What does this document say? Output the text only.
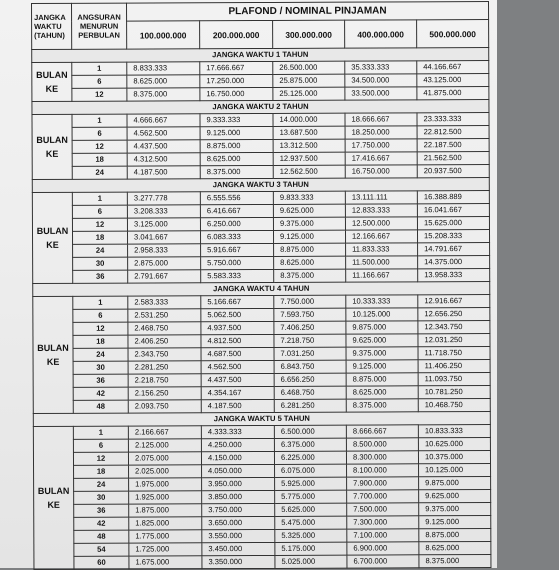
JANGKA
WAKTU
(TAHUN)	ANGSURAN
MENURUN
PERBULAN	PLAFOND / NOMINAL PINJAMAN				
		100.000.000	200.000.000	300.000.000	400.000.000	500.000.000
JANGKA WAKTU 1 TAHUN						

BULAN
KE	1	8.833.333	17.666.667	26.500.000	35.333.333	44.166.667
	6	8.625.000	17.250.000	25.875.000	34.500.000	43.125.000
	12	8.375.000	16.750.000	25.125.000	33.500.000	41.875.000
JANGKA WAKTU 2 TAHUN						

BULAN
KE	1	4.666.667	9.333.333	14.000.000	18.666.667	23.333.333
	6	4.562.500	9.125.000	13.687.500	18.250.000	22.812.500
	12	4.437.500	8.875.000	13.312.500	17.750.000	22.187.500
	18	4.312.500	8.625.000	12.937.500	17.416.667	21.562.500
	24	4.187.500	8.375.000	12.562.500	16.750.000	20.937.500
JANGKA WAKTU 3 TAHUN						

BULAN
KE	1	3.277.778	6.555.556	9.833.333	13.111.111	16.388.889
	6	3.208.333	6.416.667	9.625.000	12.833.333	16.041.667
	12	3.125.000	6.250.000	9.375.000	12.500.000	15.625.000
	18	3.041.667	6.083.333	9.125.000	12.166.667	15.208.333
	24	2.958.333	5.916.667	8.875.000	11.833.333	14.791.667
	30	2.875.000	5.750.000	8.625.000	11.500.000	14.375.000
	36	2.791.667	5.583.333	8.375.000	11.166.667	13.958.333
JANGKA WAKTU 4 TAHUN						

BULAN
KE	1	2.583.333	5.166.667	7.750.000	10.333.333	12.916.667
	6	2.531.250	5.062.500	7.593.750	10.125.000	12.656.250
	12	2.468.750	4.937.500	7.406.250	9.875.000	12.343.750
	18	2.406.250	4.812.500	7.218.750	9.625.000	12.031.250
	24	2.343.750	4.687.500	7.031.250	9.375.000	11.718.750
	30	2.281.250	4.562.500	6.843.750	9.125.000	11.406.250
	36	2.218.750	4.437.500	6.656.250	8.875.000	11.093.750
	42	2.156.250	4.354.167	6.468.750	8.625.000	10.781.250
	48	2.093.750	4.187.500	6.281.250	8.375.000	10.468.750
JANGKA WAKTU 5 TAHUN						

BULAN
KE	1	2.166.667	4.333.333	6.500.000	8.666.667	10.833.333
	6	2.125.000	4.250.000	6.375.000	8.500.000	10.625.000
	12	2.075.000	4.150.000	6.225.000	8.300.000	10.375.000
	18	2.025.000	4.050.000	6.075.000	8.100.000	10.125.000
	24	1.975.000	3.950.000	5.925.000	7.900.000	9.875.000
	30	1.925.000	3.850.000	5.775.000	7.700.000	9.625.000
	36	1.875.000	3.750.000	5.625.000	7.500.000	9.375.000
	42	1.825.000	3.650.000	5.475.000	7.300.000	9.125.000
	48	1.775.000	3.550.000	5.325.000	7.100.000	8.875.000
	54	1.725.000	3.450.000	5.175.000	6.900.000	8.625.000
	60	1.675.000	3.350.000	5.025.000	6.700.000	8.375.000
